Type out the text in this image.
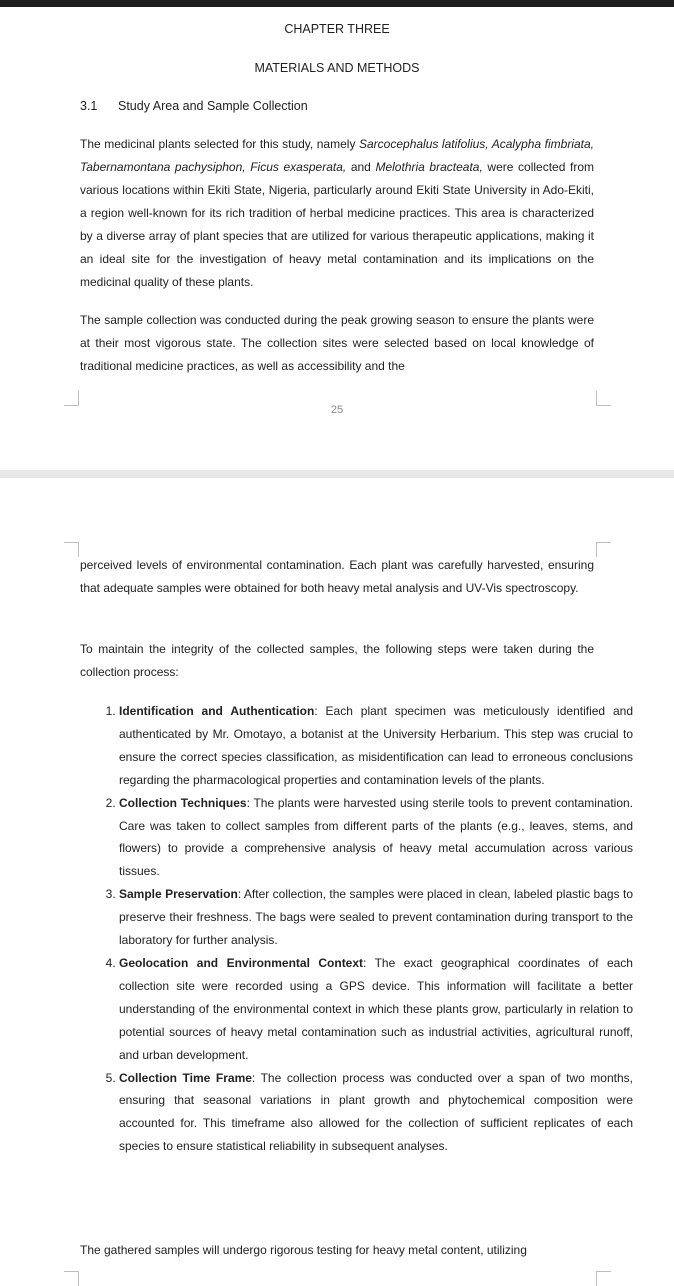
CHAPTER THREE
MATERIALS AND METHODS
3.1 Study Area and Sample Collection

The medicinal plants selected for this study, namely Sarcocephalus latifolius, Acalypha fimbriata, Tabernamontana pachysiphon, Ficus exasperata, and Melothria bracteata, were collected from various locations within Ekiti State, Nigeria, particularly around Ekiti State University in Ado-Ekiti, a region well-known for its rich tradition of herbal medicine practices. This area is characterized by a diverse array of plant species that are utilized for various therapeutic applications, making it an ideal site for the investigation of heavy metal contamination and its implications on the medicinal quality of these plants.

The sample collection was conducted during the peak growing season to ensure the plants were at their most vigorous state. The collection sites were selected based on local knowledge of traditional medicine practices, as well as accessibility and the

25

perceived levels of environmental contamination. Each plant was carefully harvested, ensuring that adequate samples were obtained for both heavy metal analysis and UV-Vis spectroscopy.

To maintain the integrity of the collected samples, the following steps were taken during the collection process:

1. Identification and Authentication: Each plant specimen was meticulously identified and authenticated by Mr. Omotayo, a botanist at the University Herbarium. This step was crucial to ensure the correct species classification, as misidentification can lead to erroneous conclusions regarding the pharmacological properties and contamination levels of the plants.
2. Collection Techniques: The plants were harvested using sterile tools to prevent contamination. Care was taken to collect samples from different parts of the plants (e.g., leaves, stems, and flowers) to provide a comprehensive analysis of heavy metal accumulation across various tissues.
3. Sample Preservation: After collection, the samples were placed in clean, labeled plastic bags to preserve their freshness. The bags were sealed to prevent contamination during transport to the laboratory for further analysis.
4. Geolocation and Environmental Context: The exact geographical coordinates of each collection site were recorded using a GPS device. This information will facilitate a better understanding of the environmental context in which these plants grow, particularly in relation to potential sources of heavy metal contamination such as industrial activities, agricultural runoff, and urban development.
5. Collection Time Frame: The collection process was conducted over a span of two months, ensuring that seasonal variations in plant growth and phytochemical composition were accounted for. This timeframe also allowed for the collection of sufficient replicates of each species to ensure statistical reliability in subsequent analyses.

The gathered samples will undergo rigorous testing for heavy metal content, utilizing
